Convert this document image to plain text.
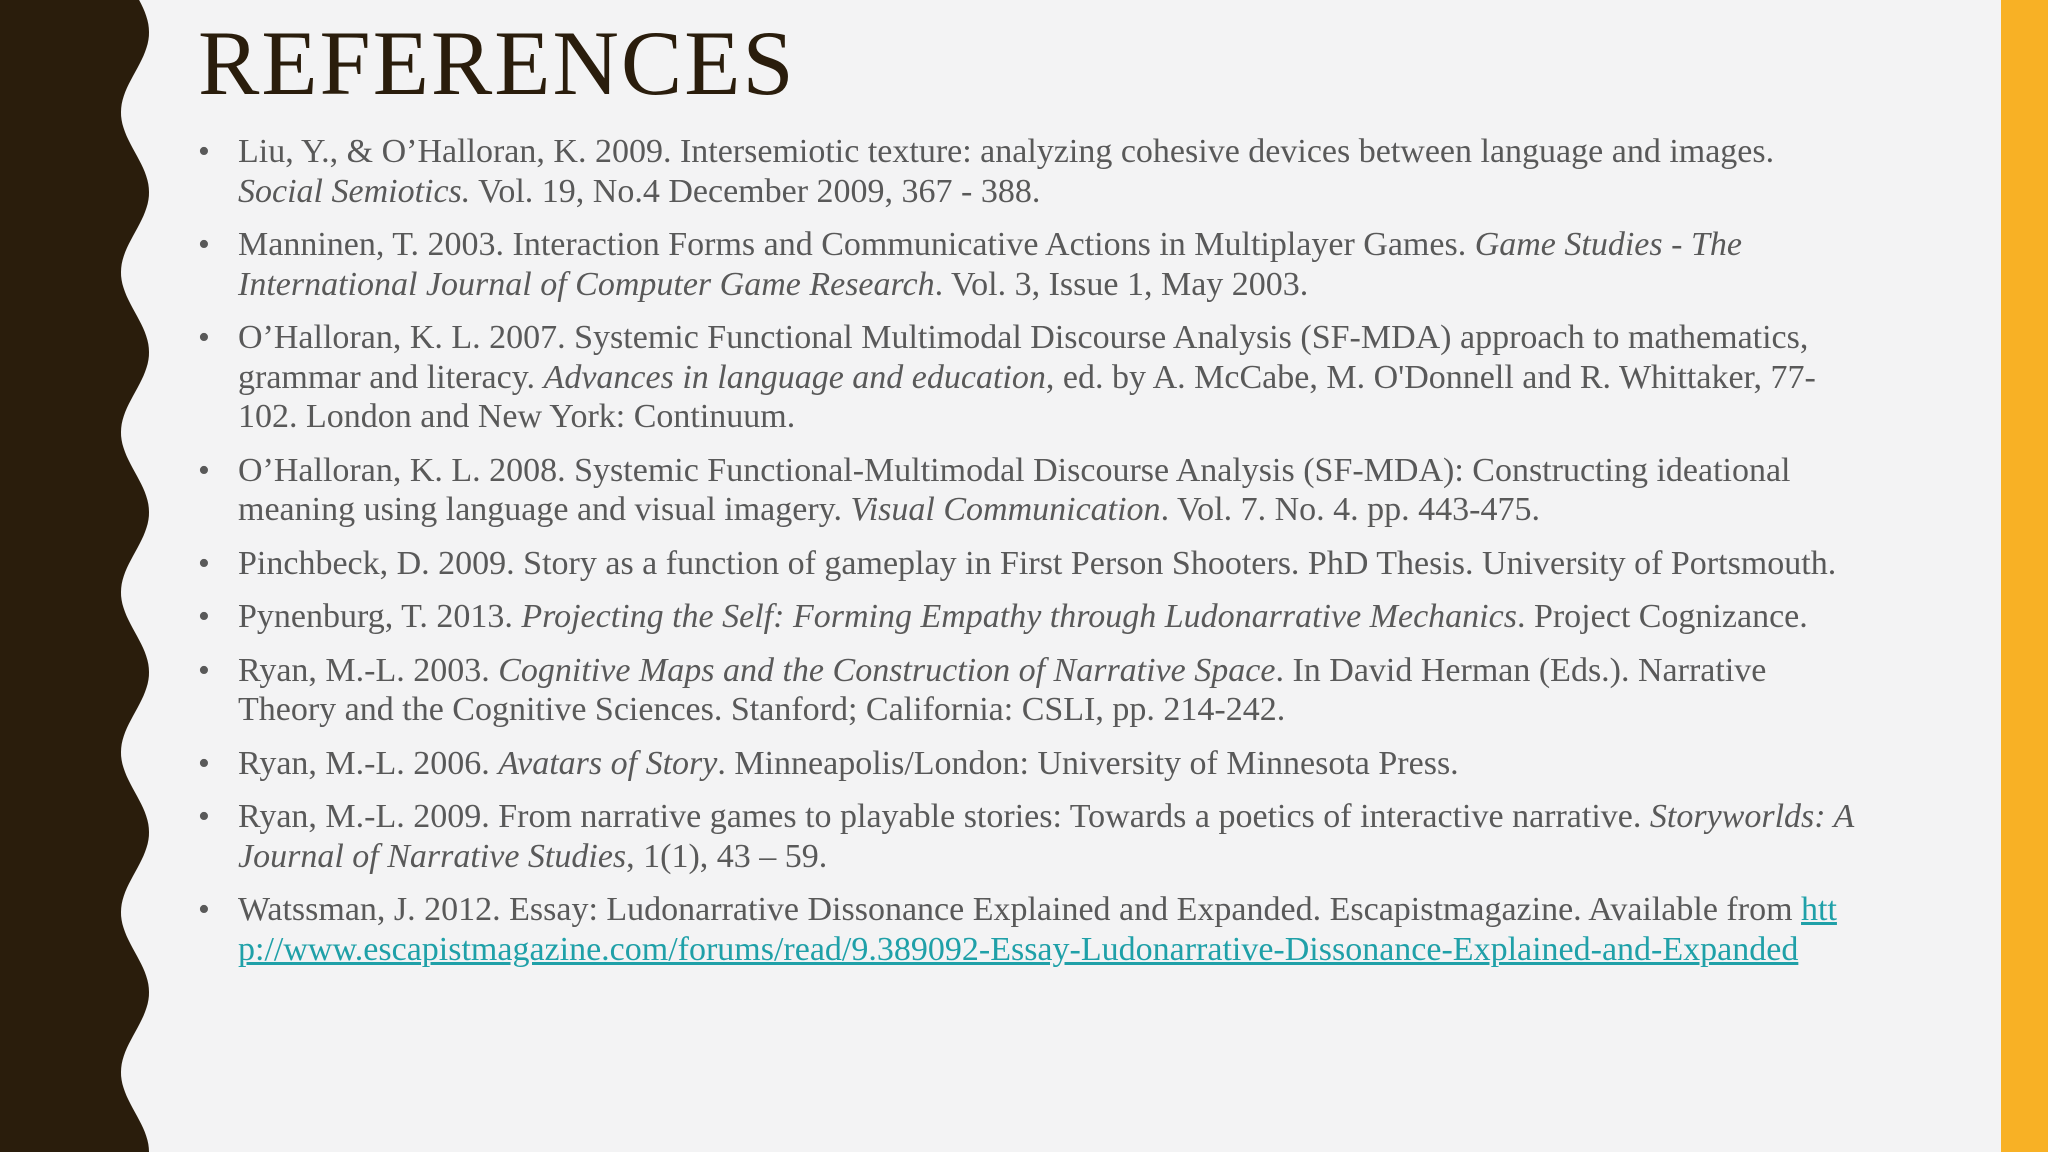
REFERENCES
• Liu, Y., & O’Halloran, K. 2009. Intersemiotic texture: analyzing cohesive devices between language and images. Social Semiotics. Vol. 19, No.4 December 2009, 367 - 388.
• Manninen, T. 2003. Interaction Forms and Communicative Actions in Multiplayer Games. Game Studies - The International Journal of Computer Game Research. Vol. 3, Issue 1, May 2003.
• O’Halloran, K. L. 2007. Systemic Functional Multimodal Discourse Analysis (SF-MDA) approach to mathematics, grammar and literacy. Advances in language and education, ed. by A. McCabe, M. O'Donnell and R. Whittaker, 77-102. London and New York: Continuum.
• O’Halloran, K. L. 2008. Systemic Functional-Multimodal Discourse Analysis (SF-MDA): Constructing ideational meaning using language and visual imagery. Visual Communication. Vol. 7. No. 4. pp. 443-475.
• Pinchbeck, D. 2009. Story as a function of gameplay in First Person Shooters. PhD Thesis. University of Portsmouth.
• Pynenburg, T. 2013. Projecting the Self: Forming Empathy through Ludonarrative Mechanics. Project Cognizance.
• Ryan, M.-L. 2003. Cognitive Maps and the Construction of Narrative Space. In David Herman (Eds.). Narrative Theory and the Cognitive Sciences. Stanford; California: CSLI, pp. 214-242.
• Ryan, M.-L. 2006. Avatars of Story. Minneapolis/London: University of Minnesota Press.
• Ryan, M.-L. 2009. From narrative games to playable stories: Towards a poetics of interactive narrative. Storyworlds: A Journal of Narrative Studies, 1(1), 43 – 59.
• Watssman, J. 2012. Essay: Ludonarrative Dissonance Explained and Expanded. Escapistmagazine. Available from http://www.escapistmagazine.com/forums/read/9.389092-Essay-Ludonarrative-Dissonance-Explained-and-Expanded
